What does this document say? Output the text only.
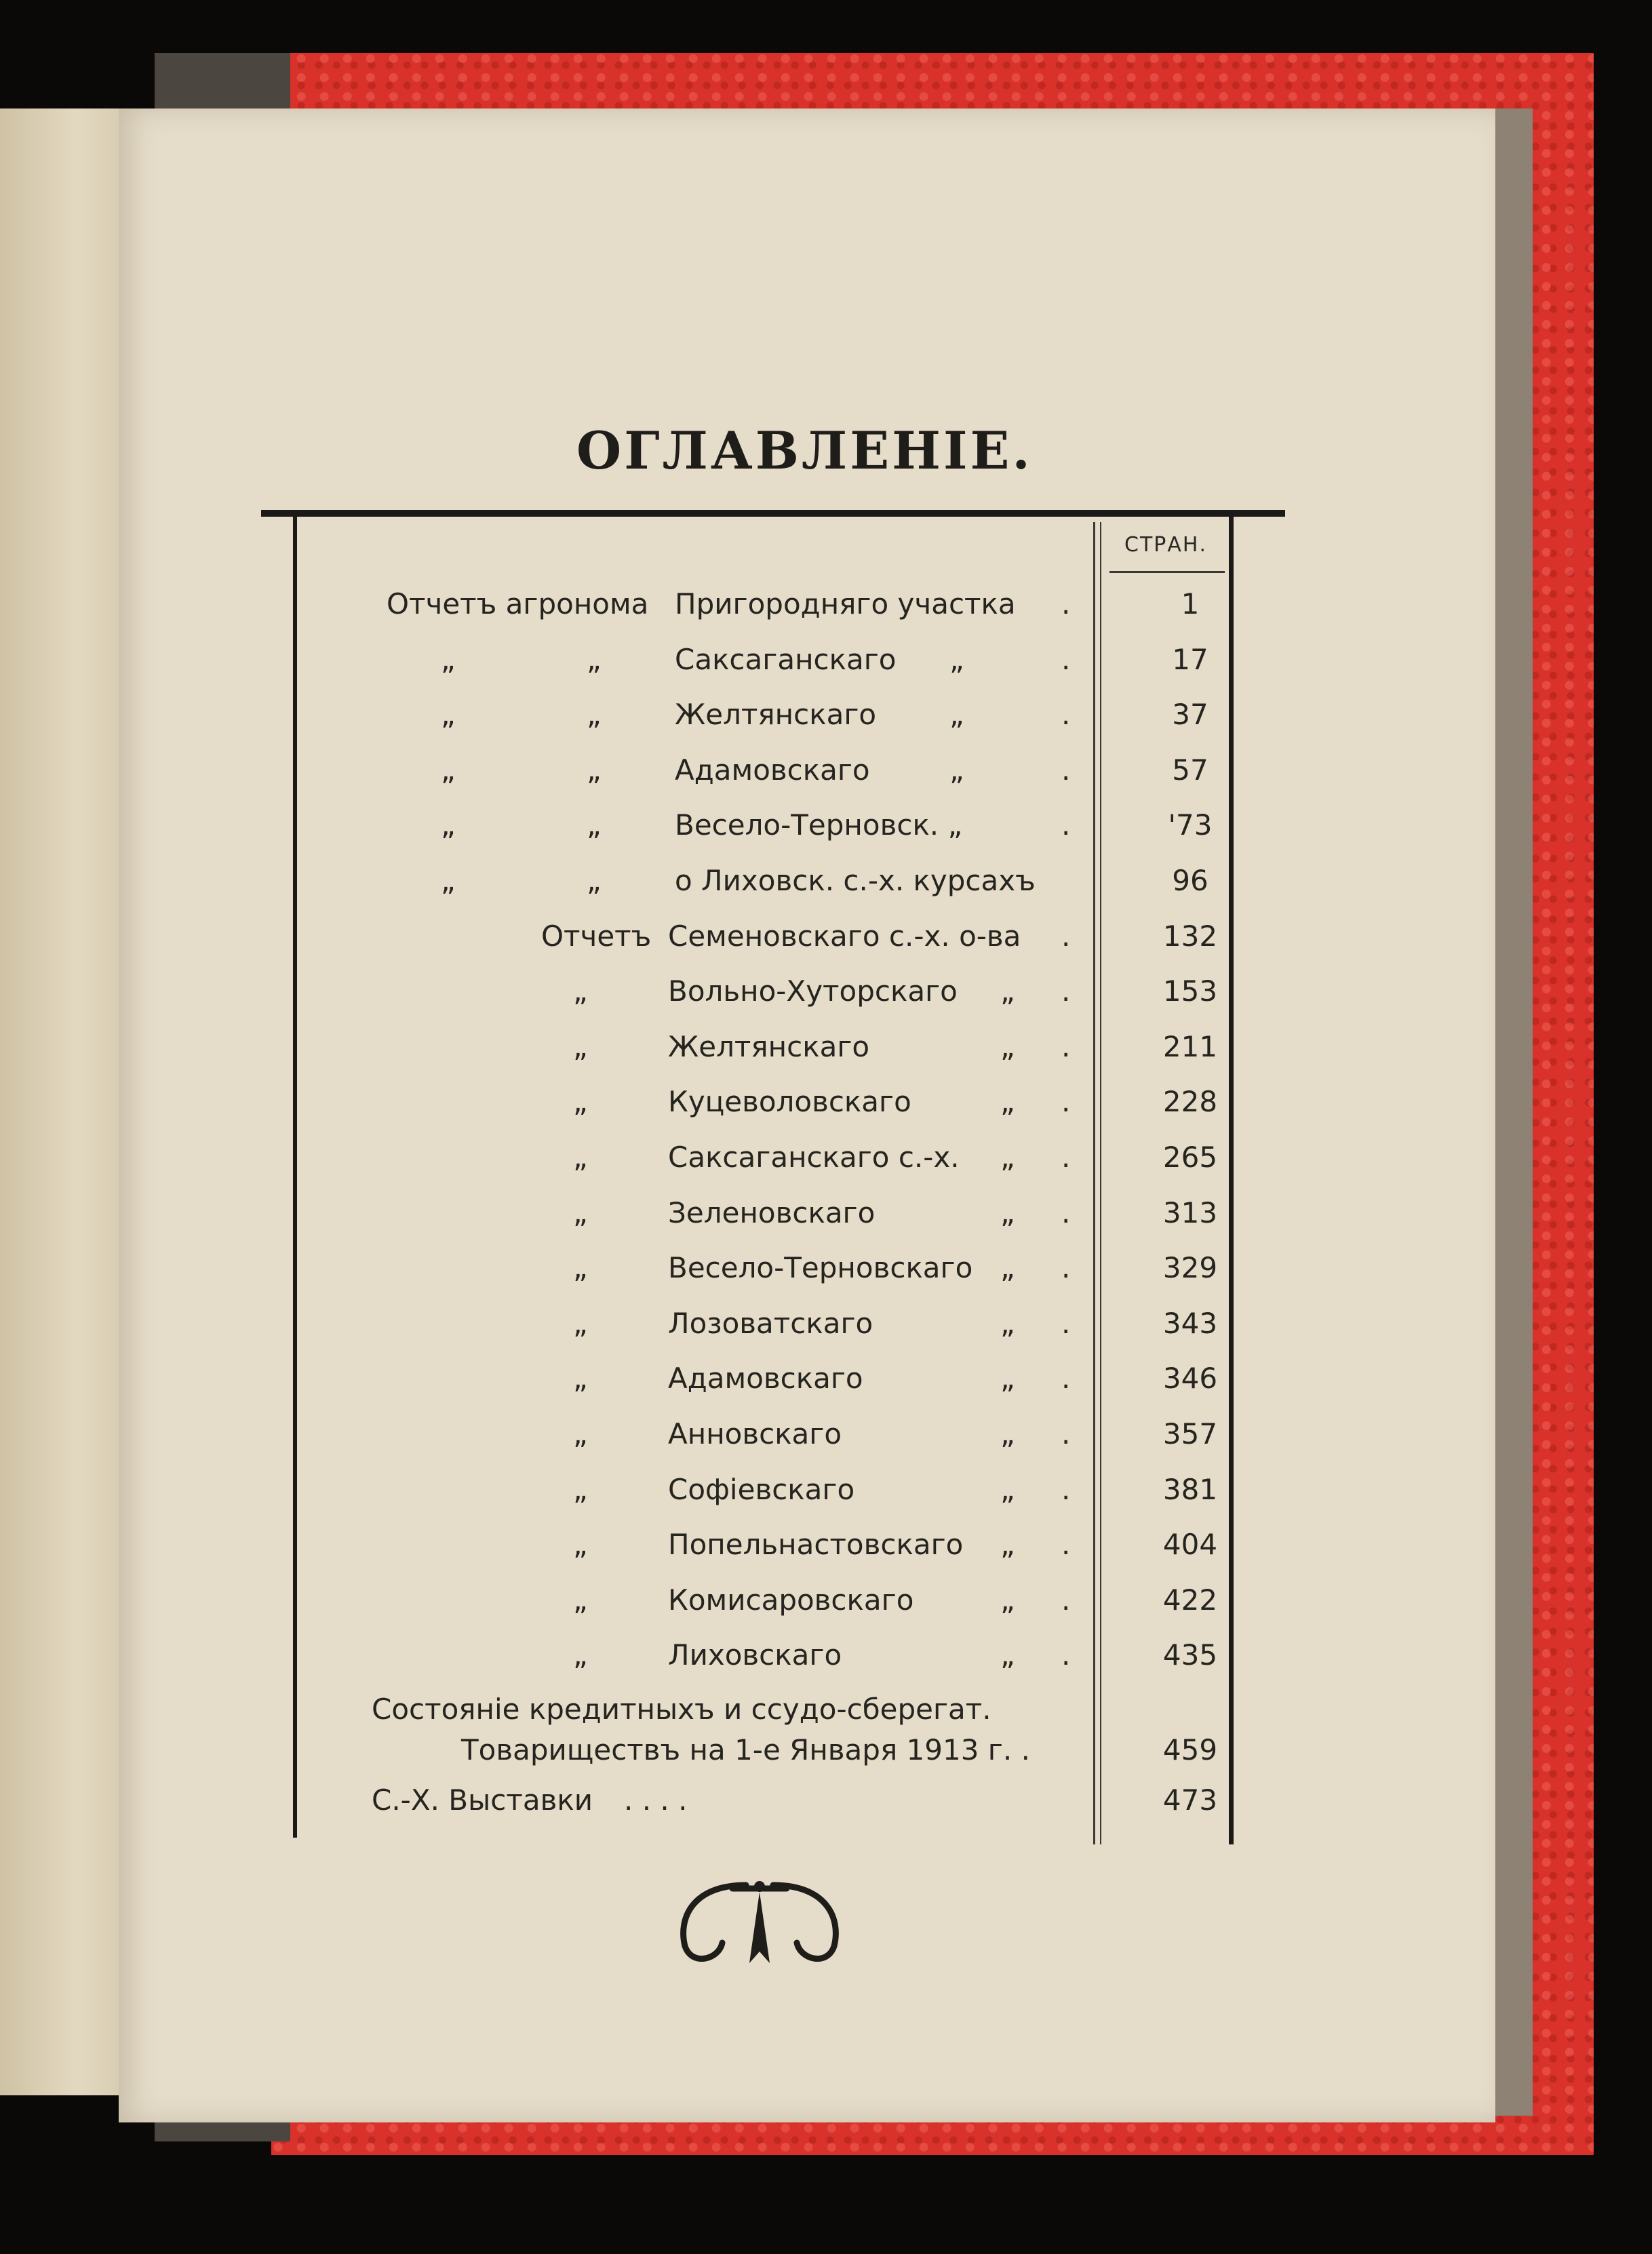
ОГЛАВЛЕНІЕ.
СТРАН.
Отчетъ агрономa Пригородняго участка .	1
„	„	Саксаганскаго „	.	17
„	„	Желтянскаго	„	.	37
„	„	Адамовскаго	„	.	57
„	„	Весело-Терновск. „	.	'73
„	„	о Лиховск. с.-х. курсахъ	96
Отчетъ Семеновскаго с.-х. о-ва .	132
„	Вольно-Хуторскаго „ .	153
„	Желтянскаго	„ .	211
„	Куцеволовскаго	„ .	228
„	Саксаганскаго с.-х. „ .	265
„	Зеленовскаго	„ .	313
„	Весело-Терновскаго „ .	329
„	Лозоватскаго	„ .	343
„	Адамовскаго	„ .	346
„	Анновскаго	„ .	357
„	Софіевскаго	„ .	381
„	Попельнастовскаго „ .	404
„	Комисаровскаго	„ .	422
„	Лиховскаго	„ .	435
Состояніе кредитныхъ и ссудо-сберегат.
Товариществъ на 1-е Января 1913 г. .	459
С.-Х. Выставки . . . .	473
